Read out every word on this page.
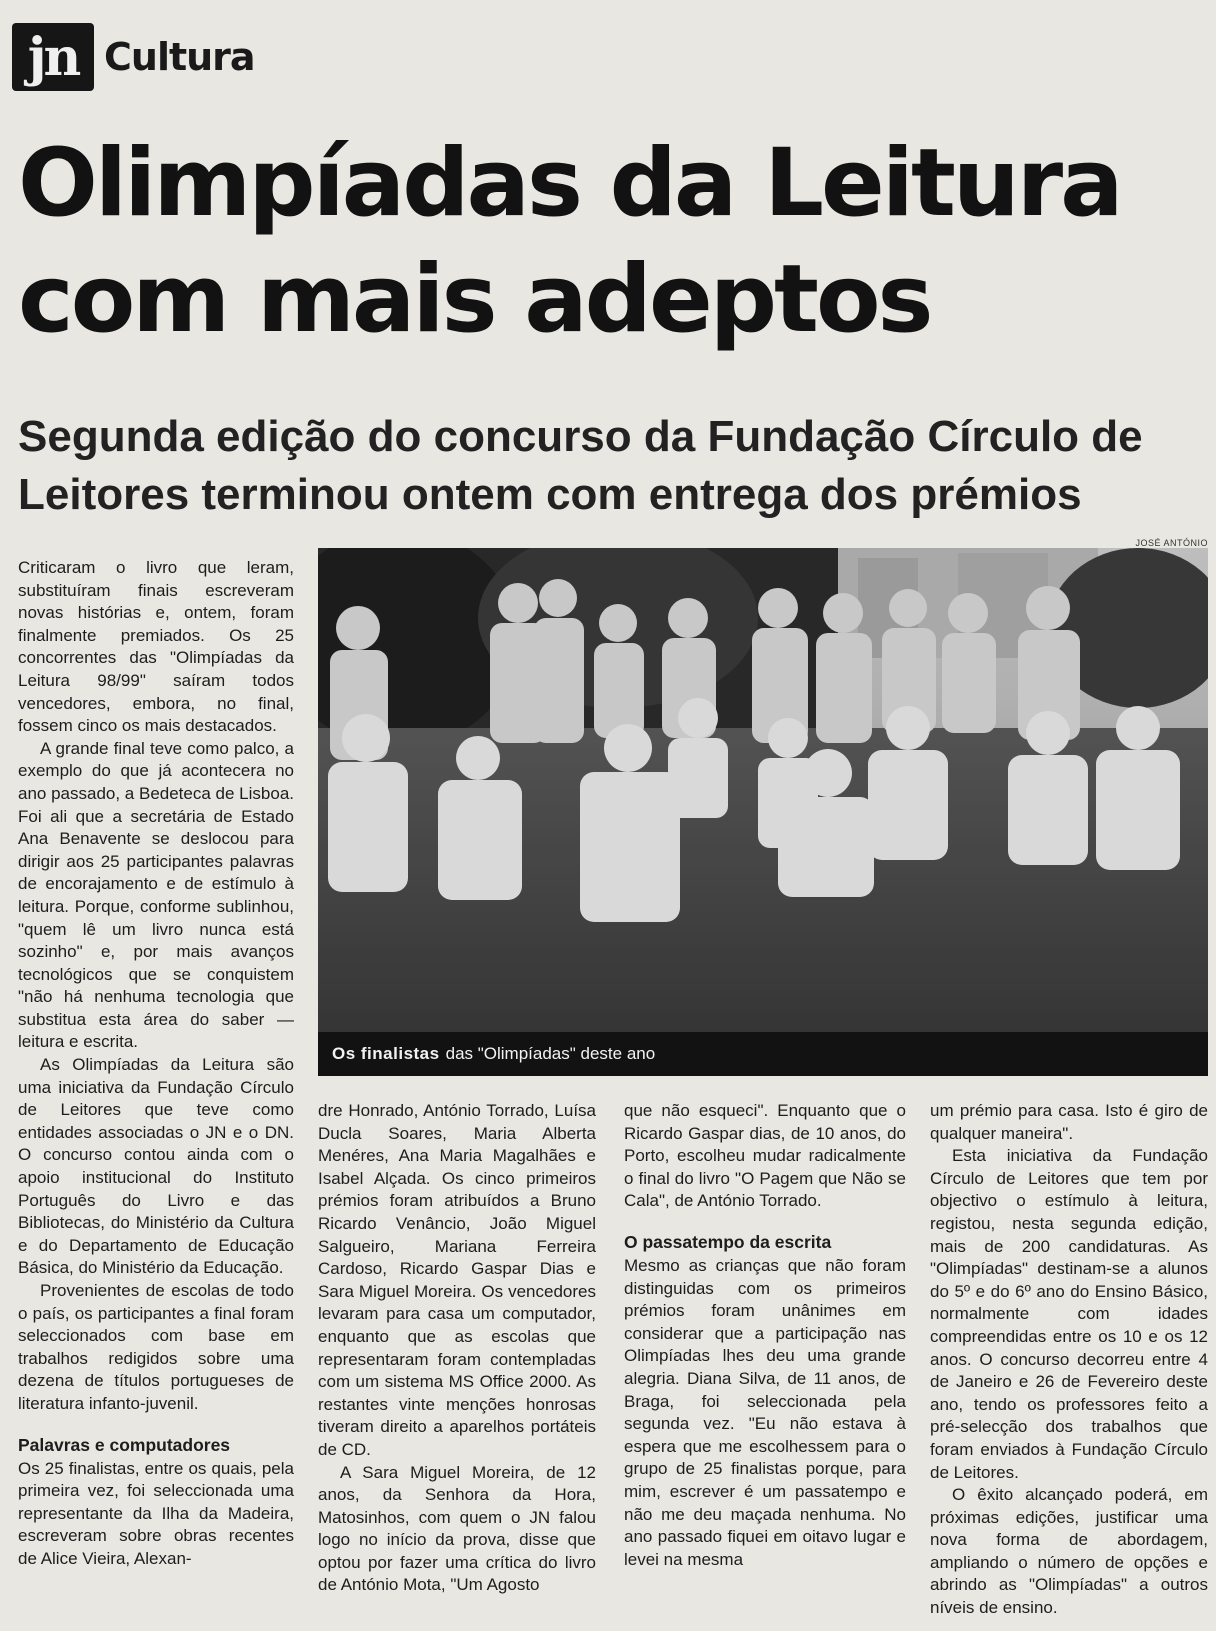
jn Cultura
Olimpíadas da Leitura com mais adeptos
Segunda edição do concurso da Fundação Círculo de Leitores terminou ontem com entrega dos prémios
JOSÉ ANTÓNIO
Os finalistas das "Olimpíadas" deste ano

Criticaram o livro que leram, substituíram finais escreveram novas histórias e, ontem, foram finalmente premiados. Os 25 concorrentes das "Olimpíadas da Leitura 98/99" saíram todos vencedores, embora, no final, fossem cinco os mais destacados.

A grande final teve como palco, a exemplo do que já acontecera no ano passado, a Bedeteca de Lisboa. Foi ali que a secretária de Estado Ana Benavente se deslocou para dirigir aos 25 participantes palavras de encorajamento e de estímulo à leitura. Porque, conforme sublinhou, "quem lê um livro nunca está sozinho" e, por mais avanços tecnológicos que se conquistem "não há nenhuma tecnologia que substitua esta área do saber — leitura e escrita.

As Olimpíadas da Leitura são uma iniciativa da Fundação Círculo de Leitores que teve como entidades associadas o JN e o DN. O concurso contou ainda com o apoio institucional do Instituto Português do Livro e das Bibliotecas, do Ministério da Cultura e do Departamento de Educação Básica, do Ministério da Educação.

Provenientes de escolas de todo o país, os participantes a final foram seleccionados com base em trabalhos redigidos sobre uma dezena de títulos portugueses de literatura infanto-juvenil.

Palavras e computadores

Os 25 finalistas, entre os quais, pela primeira vez, foi seleccionada uma representante da Ilha da Madeira, escreveram sobre obras recentes de Alice Vieira, Alexan-

dre Honrado, António Torrado, Luísa Ducla Soares, Maria Alberta Menéres, Ana Maria Magalhães e Isabel Alçada. Os cinco primeiros prémios foram atribuídos a Bruno Ricardo Venâncio, João Miguel Salgueiro, Mariana Ferreira Cardoso, Ricardo Gaspar Dias e Sara Miguel Moreira. Os vencedores levaram para casa um computador, enquanto que as escolas que representaram foram contempladas com um sistema MS Office 2000. As restantes vinte menções honrosas tiveram direito a aparelhos portáteis de CD.

A Sara Miguel Moreira, de 12 anos, da Senhora da Hora, Matosinhos, com quem o JN falou logo no início da prova, disse que optou por fazer uma crítica do livro de António Mota, "Um Agosto

que não esqueci". Enquanto que o Ricardo Gaspar dias, de 10 anos, do Porto, escolheu mudar radicalmente o final do livro "O Pagem que Não se Cala", de António Torrado.

O passatempo da escrita

Mesmo as crianças que não foram distinguidas com os primeiros prémios foram unânimes em considerar que a participação nas Olimpíadas lhes deu uma grande alegria. Diana Silva, de 11 anos, de Braga, foi seleccionada pela segunda vez. "Eu não estava à espera que me escolhessem para o grupo de 25 finalistas porque, para mim, escrever é um passatempo e não me deu maçada nenhuma. No ano passado fiquei em oitavo lugar e levei na mesma

um prémio para casa. Isto é giro de qualquer maneira".

Esta iniciativa da Fundação Círculo de Leitores que tem por objectivo o estímulo à leitura, registou, nesta segunda edição, mais de 200 candidaturas. As "Olimpíadas" destinam-se a alunos do 5º e do 6º ano do Ensino Básico, normalmente com idades compreendidas entre os 10 e os 12 anos. O concurso decorreu entre 4 de Janeiro e 26 de Fevereiro deste ano, tendo os professores feito a pré-selecção dos trabalhos que foram enviados à Fundação Círculo de Leitores.

O êxito alcançado poderá, em próximas edições, justificar uma nova forma de abordagem, ampliando o número de opções e abrindo as "Olimpíadas" a outros níveis de ensino.
